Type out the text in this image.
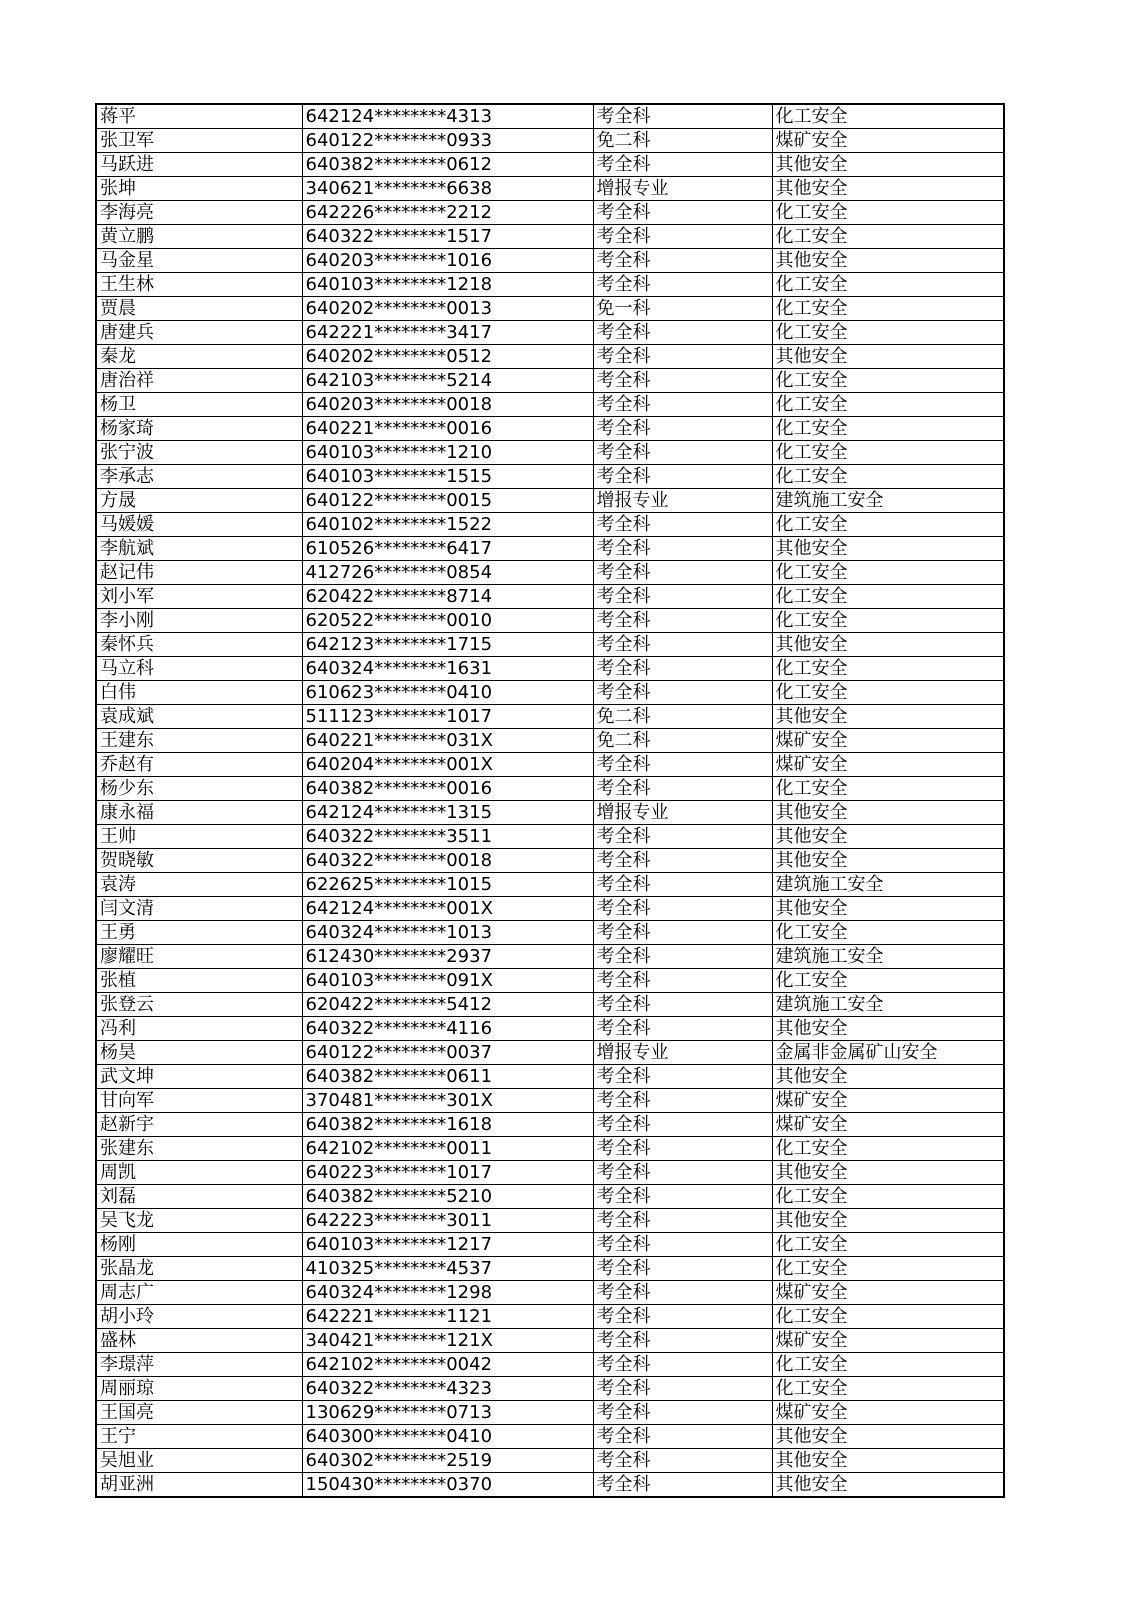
蒋平	642124********4313	考全科	化工安全
张卫军	640122********0933	免二科	煤矿安全
马跃进	640382********0612	考全科	其他安全
张坤	340621********6638	增报专业	其他安全
李海亮	642226********2212	考全科	化工安全
黄立鹏	640322********1517	考全科	化工安全
马金星	640203********1016	考全科	其他安全
王生林	640103********1218	考全科	化工安全
贾晨	640202********0013	免一科	化工安全
唐建兵	642221********3417	考全科	化工安全
秦龙	640202********0512	考全科	其他安全
唐治祥	642103********5214	考全科	化工安全
杨卫	640203********0018	考全科	化工安全
杨家琦	640221********0016	考全科	化工安全
张宁波	640103********1210	考全科	化工安全
李承志	640103********1515	考全科	化工安全
方晟	640122********0015	增报专业	建筑施工安全
马媛媛	640102********1522	考全科	化工安全
李航斌	610526********6417	考全科	其他安全
赵记伟	412726********0854	考全科	化工安全
刘小军	620422********8714	考全科	化工安全
李小刚	620522********0010	考全科	化工安全
秦怀兵	642123********1715	考全科	其他安全
马立科	640324********1631	考全科	化工安全
白伟	610623********0410	考全科	化工安全
袁成斌	511123********1017	免二科	其他安全
王建东	640221********031X	免二科	煤矿安全
乔赵有	640204********001X	考全科	煤矿安全
杨少东	640382********0016	考全科	化工安全
康永福	642124********1315	增报专业	其他安全
王帅	640322********3511	考全科	其他安全
贺晓敏	640322********0018	考全科	其他安全
袁涛	622625********1015	考全科	建筑施工安全
闫文清	642124********001X	考全科	其他安全
王勇	640324********1013	考全科	化工安全
廖耀旺	612430********2937	考全科	建筑施工安全
张植	640103********091X	考全科	化工安全
张登云	620422********5412	考全科	建筑施工安全
冯利	640322********4116	考全科	其他安全
杨昊	640122********0037	增报专业	金属非金属矿山安全
武文坤	640382********0611	考全科	其他安全
甘向军	370481********301X	考全科	煤矿安全
赵新宇	640382********1618	考全科	煤矿安全
张建东	642102********0011	考全科	化工安全
周凯	640223********1017	考全科	其他安全
刘磊	640382********5210	考全科	化工安全
吴飞龙	642223********3011	考全科	其他安全
杨刚	640103********1217	考全科	化工安全
张晶龙	410325********4537	考全科	化工安全
周志广	640324********1298	考全科	煤矿安全
胡小玲	642221********1121	考全科	化工安全
盛林	340421********121X	考全科	煤矿安全
李璟萍	642102********0042	考全科	化工安全
周丽琼	640322********4323	考全科	化工安全
王国亮	130629********0713	考全科	煤矿安全
王宁	640300********0410	考全科	其他安全
吴旭业	640302********2519	考全科	其他安全
胡亚洲	150430********0370	考全科	其他安全
